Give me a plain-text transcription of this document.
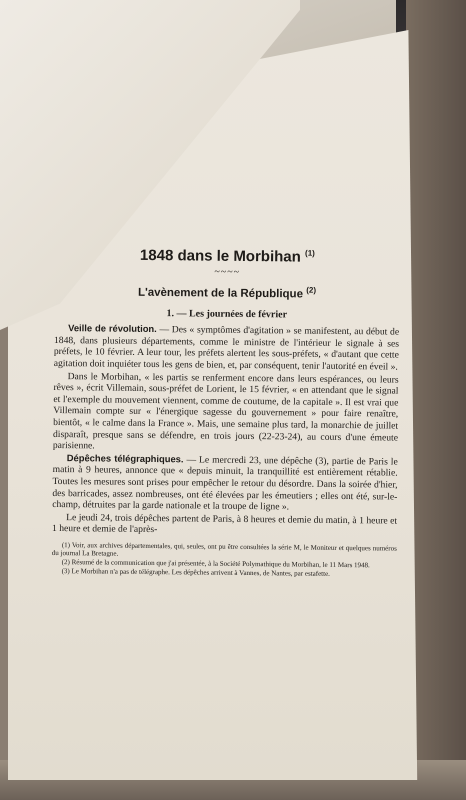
1848 dans le Morbihan $^{(1)}$
~~~~
L'avènement de la République $^{(2)}$
1. — Les journées de février

Veille de révolution. — Des « symptômes d'agitation » se manifestent, au début de 1848, dans plusieurs départements, comme le ministre de l'intérieur le signale à ses préfets, le 10 février. A leur tour, les préfets alertent les sous-préfets, « d'autant que cette agitation doit inquiéter tous les gens de bien, et, par conséquent, tenir l'autorité en éveil ».

Dans le Morbihan, « les partis se renferment encore dans leurs espérances, ou leurs rêves », écrit Villemain, sous-préfet de Lorient, le 15 février, « en attendant que le signal et l'exemple du mouvement viennent, comme de coutume, de la capitale ». Il est vrai que Villemain compte sur « l'énergique sagesse du gouvernement » pour faire renaître, bientôt, « le calme dans la France ». Mais, une semaine plus tard, la monarchie de juillet disparaît, presque sans se défendre, en trois jours (22-23-24), au cours d'une émeute parisienne.

Dépêches télégraphiques. — Le mercredi 23, une dépêche (3), partie de Paris le matin à 9 heures, annonce que « depuis minuit, la tranquillité est entièrement rétablie. Toutes les mesures sont prises pour empêcher le retour du désordre. Dans la soirée d'hier, des barricades, assez nombreuses, ont été élevées par les émeutiers ; elles ont été, sur-le-champ, détruites par la garde nationale et la troupe de ligne ».

Le jeudi 24, trois dépêches partent de Paris, à 8 heures et demie du matin, à 1 heure et 1 heure et demie de l'après-

(1) Voir, aux archives départementales, qui, seules, ont pu être consultées la série M, le Moniteur et quelques numéros du journal La Bretagne.

(2) Résumé de la communication que j'ai présentée, à la Société Polymathique du Morbihan, le 11 Mars 1948.

(3) Le Morbihan n'a pas de télégraphe. Les dépêches arrivent à Vannes, de Nantes, par estafette.
